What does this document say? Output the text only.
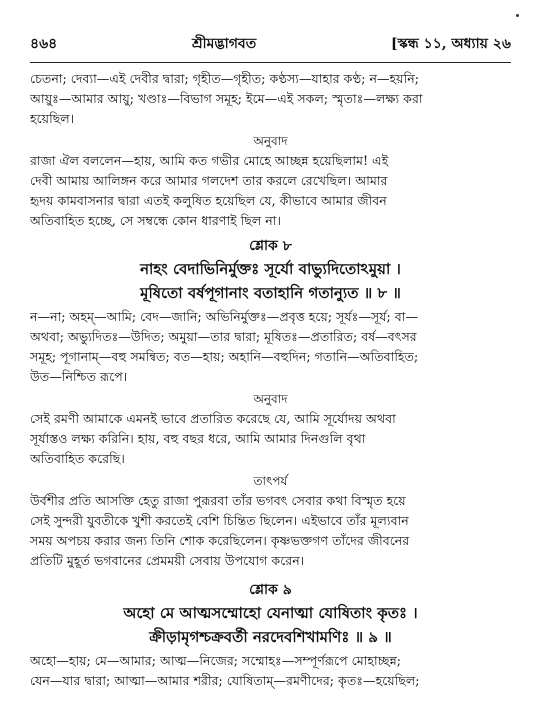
৪৬৪	শ্রীমদ্ভাগবত	[স্কন্ধ ১১, অধ্যায় ২৬

চেতনা; দেব্যা—এই দেবীর দ্বারা; গৃহীত—গৃহীত; কণ্ঠস্য—যাহার কণ্ঠ; ন—হয়নি;

আয়ুঃ—আমার আয়ু; খণ্ডাঃ—বিভাগ সমূহ; ইমে—এই সকল; স্মৃতাঃ—লক্ষ্য করা

হয়েছিল।

অনুবাদ

রাজা ঐল বললেন—হায়, আমি কত গভীর মোহে আচ্ছন্ন হয়েছিলাম! এই

দেবী আমায় আলিঙ্গন করে আমার গলদেশ তার করলে রেখেছিল। আমার

হৃদয় কামবাসনার দ্বারা এতই কলুষিত হয়েছিল যে, কীভাবে আমার জীবন

অতিবাহিত হচ্ছে, সে সম্বন্ধে কোন ধারণাই ছিল না।

শ্লোক ৮
নাহং বেদাভিনির্মুক্তঃ সূর্যো বাভ্যুদিতোঽমুয়া ।
মূষিতো বর্ষপূগানাং বতাহানি গতান্যুত ॥ ৮ ॥

ন—না; অহম্—আমি; বেদ—জানি; অভিনির্মুক্তঃ—প্রবৃত্ত হয়ে; সূর্যঃ—সূর্য; বা—

অথবা; অভ্যুদিতঃ—উদিত; অমুয়া—তার দ্বারা; মূষিতঃ—প্রতারিত; বর্ষ—বৎসর

সমূহ; পূগানাম্—বহু সমন্বিত; বত—হায়; অহানি—বহুদিন; গতানি—অতিবাহিত;

উত—নিশ্চিত রূপে।

অনুবাদ

সেই রমণী আমাকে এমনই ভাবে প্রতারিত করেছে যে, আমি সূর্যোদয় অথবা

সূর্যাস্তও লক্ষ্য করিনি। হায়, বহু বছর ধরে, আমি আমার দিনগুলি বৃথা

অতিবাহিত করেছি।

তাৎপর্য

উর্বশীর প্রতি আসক্তি হেতু রাজা পুরূরবা তাঁর ভগবৎ সেবার কথা বিস্মৃত হয়ে

সেই সুন্দরী যুবতীকে খুশী করতেই বেশি চিন্তিত ছিলেন। এইভাবে তাঁর মূল্যবান

সময় অপচয় করার জন্য তিনি শোক করেছিলেন। কৃষ্ণভক্তগণ তাঁদের জীবনের

প্রতিটি মুহূর্ত ভগবানের প্রেমময়ী সেবায় উপযোগ করেন।

শ্লোক ৯
অহো মে আত্মসম্মোহো যেনাত্মা যোষিতাং কৃতঃ ।
ক্রীড়ামৃগশ্চক্রবর্তী নরদেবশিখামণিঃ ॥ ৯ ॥

অহো—হায়; মে—আমার; আত্ম—নিজের; সম্মোহঃ—সম্পূর্ণরূপে মোহাচ্ছন্ন;

যেন—যার দ্বারা; আত্মা—আমার শরীর; যোষিতাম্—রমণীদের; কৃতঃ—হয়েছিল;
